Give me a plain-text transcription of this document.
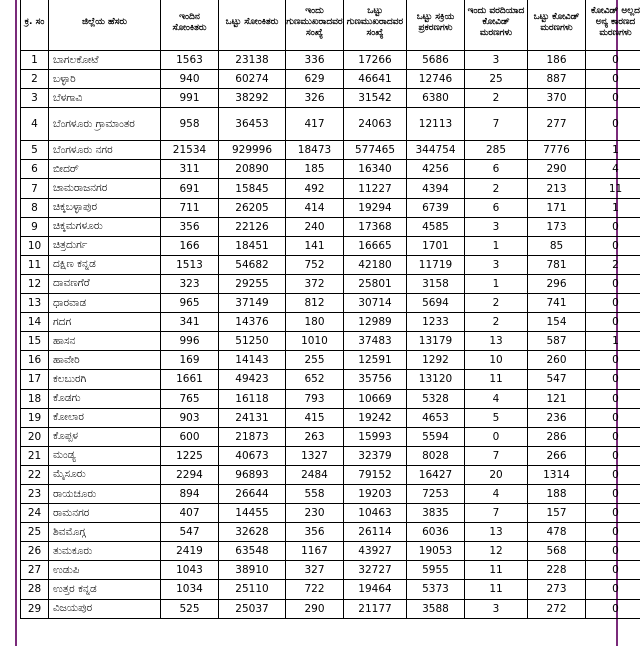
ಕ್ರ. ಸಂ	ಜಿಲ್ಲೆಯ ಹೆಸರು	ಇಂದಿನ ಸೋಂಕಿತರು	ಒಟ್ಟು ಸೋಂಕಿತರು	ಇಂದು ಗುಣಮುಖರಾದವರ ಸಂಖ್ಯೆ	ಒಟ್ಟು ಗುಣಮುಖರಾದವರ ಸಂಖ್ಯೆ	ಒಟ್ಟು ಸಕ್ರಿಯ ಪ್ರಕರಣಗಳು	ಇಂದು ವರದಿಯಾದ ಕೋವಿಡ್ ಮರಣಗಳು	ಒಟ್ಟು ಕೋವಿಡ್ ಮರಣಗಳು	ಕೋವಿಡ್ ಅಲ್ಲದ ಅನ್ಯ ಕಾರಣದ ಮರಣಗಳು
1	ಬಾಗಲಕೋಟೆ	1563	23138	336	17266	5686	3	186	0
2	ಬಳ್ಳಾರಿ	940	60274	629	46641	12746	25	887	0
3	ಬೆಳಗಾವಿ	991	38292	326	31542	6380	2	370	0
4	ಬೆಂಗಳೂರು ಗ್ರಾಮಾಂತರ	958	36453	417	24063	12113	7	277	0
5	ಬೆಂಗಳೂರು ನಗರ	21534	929996	18473	577465	344754	285	7776	1
6	ಬೀದರ್	311	20890	185	16340	4256	6	290	4
7	ಚಾಮರಾಜನಗರ	691	15845	492	11227	4394	2	213	11
8	ಚಿಕ್ಕಬಳ್ಳಾಪುರ	711	26205	414	19294	6739	6	171	1
9	ಚಿಕ್ಕಮಗಳೂರು	356	22126	240	17368	4585	3	173	0
10	ಚಿತ್ರದುರ್ಗ	166	18451	141	16665	1701	1	85	0
11	ದಕ್ಷಿಣ ಕನ್ನಡ	1513	54682	752	42180	11719	3	781	2
12	ದಾವಣಗೆರೆ	323	29255	372	25801	3158	1	296	0
13	ಧಾರವಾಡ	965	37149	812	30714	5694	2	741	0
14	ಗದಗ	341	14376	180	12989	1233	2	154	0
15	ಹಾಸನ	996	51250	1010	37483	13179	13	587	1
16	ಹಾವೇರಿ	169	14143	255	12591	1292	10	260	0
17	ಕಲಬುರಗಿ	1661	49423	652	35756	13120	11	547	0
18	ಕೊಡಗು	765	16118	793	10669	5328	4	121	0
19	ಕೋಲಾರ	903	24131	415	19242	4653	5	236	0
20	ಕೊಪ್ಪಳ	600	21873	263	15993	5594	0	286	0
21	ಮಂಡ್ಯ	1225	40673	1327	32379	8028	7	266	0
22	ಮೈಸೂರು	2294	96893	2484	79152	16427	20	1314	0
23	ರಾಯಚೂರು	894	26644	558	19203	7253	4	188	0
24	ರಾಮನಗರ	407	14455	230	10463	3835	7	157	0
25	ಶಿವಮೊಗ್ಗ	547	32628	356	26114	6036	13	478	0
26	ತುಮಕೂರು	2419	63548	1167	43927	19053	12	568	0
27	ಉಡುಪಿ	1043	38910	327	32727	5955	11	228	0
28	ಉತ್ತರ ಕನ್ನಡ	1034	25110	722	19464	5373	11	273	0
29	ವಿಜಯಪುರ	525	25037	290	21177	3588	3	272	0
